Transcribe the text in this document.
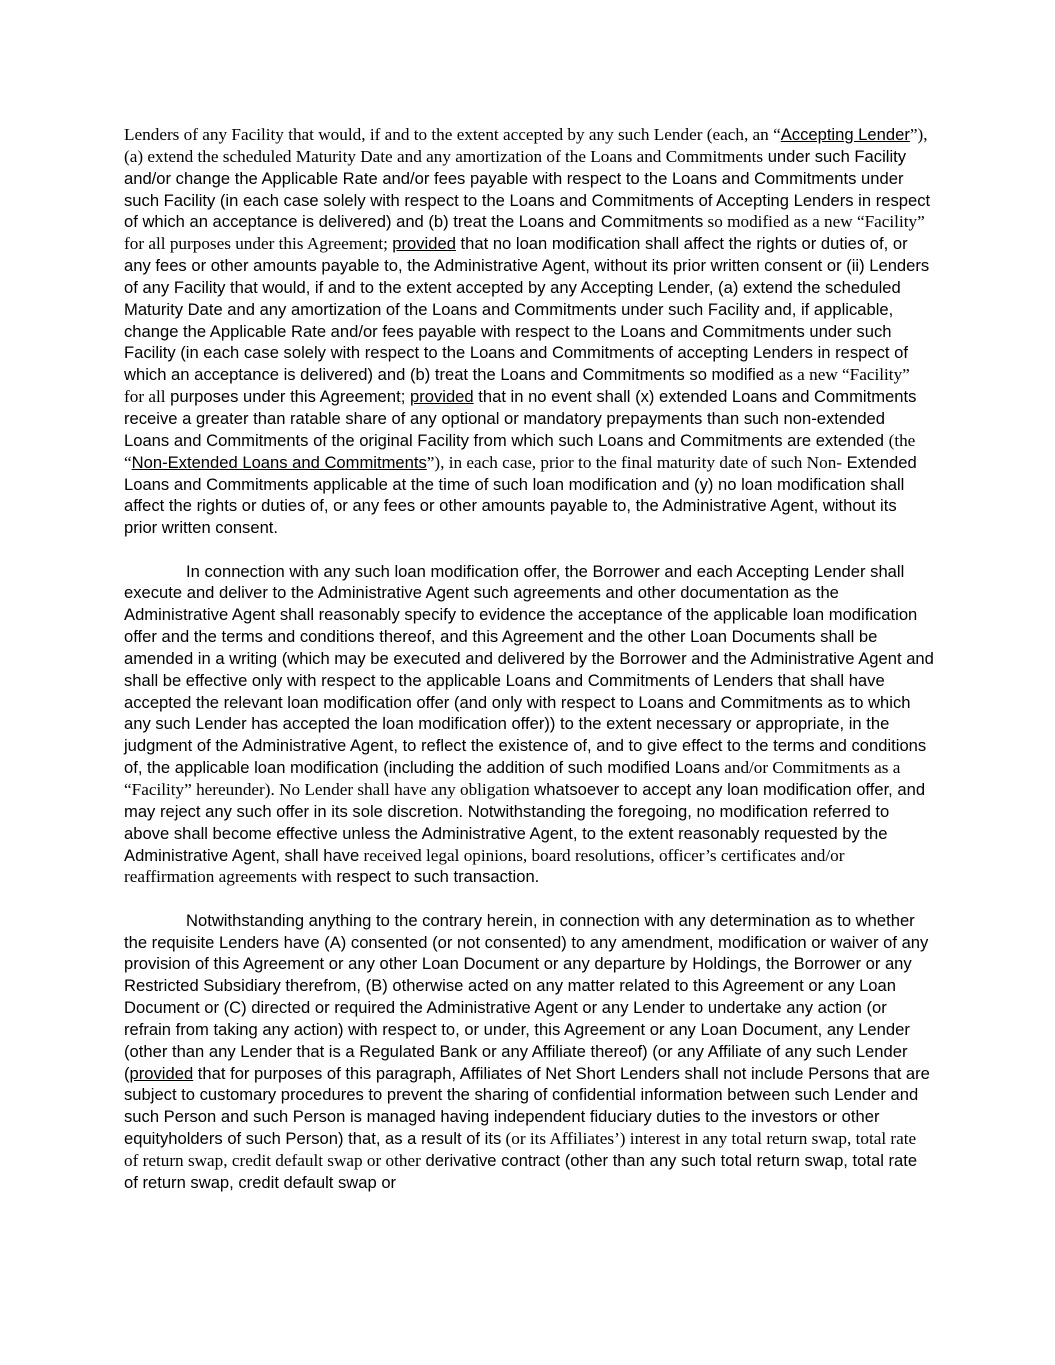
Lenders of any Facility that would, if and to the extent accepted by any such Lender (each, an “Accepting Lender”), (a) extend the scheduled Maturity Date and any amortization of the Loans and Commitments under such Facility and/or change the Applicable Rate and/or fees payable with respect to the Loans and Commitments under such Facility (in each case solely with respect to the Loans and Commitments of Accepting Lenders in respect of which an acceptance is delivered) and (b) treat the Loans and Commitments so modified as a new “Facility” for all purposes under this Agreement; provided that no loan modification shall affect the rights or duties of, or any fees or other amounts payable to, the Administrative Agent, without its prior written consent or (ii) Lenders of any Facility that would, if and to the extent accepted by any Accepting Lender, (a) extend the scheduled Maturity Date and any amortization of the Loans and Commitments under such Facility and, if applicable, change the Applicable Rate and/or fees payable with respect to the Loans and Commitments under such Facility (in each case solely with respect to the Loans and Commitments of accepting Lenders in respect of which an acceptance is delivered) and (b) treat the Loans and Commitments so modified as a new “Facility” for all purposes under this Agreement; provided that in no event shall (x) extended Loans and Commitments receive a greater than ratable share of any optional or mandatory prepayments than such non-extended Loans and Commitments of the original Facility from which such Loans and Commitments are extended (the “Non-Extended Loans and Commitments”), in each case, prior to the final maturity date of such Non- Extended Loans and Commitments applicable at the time of such loan modification and (y) no loan modification shall affect the rights or duties of, or any fees or other amounts payable to, the Administrative Agent, without its prior written consent.

In connection with any such loan modification offer, the Borrower and each Accepting Lender shall execute and deliver to the Administrative Agent such agreements and other documentation as the Administrative Agent shall reasonably specify to evidence the acceptance of the applicable loan modification offer and the terms and conditions thereof, and this Agreement and the other Loan Documents shall be amended in a writing (which may be executed and delivered by the Borrower and the Administrative Agent and shall be effective only with respect to the applicable Loans and Commitments of Lenders that shall have accepted the relevant loan modification offer (and only with respect to Loans and Commitments as to which any such Lender has accepted the loan modification offer)) to the extent necessary or appropriate, in the judgment of the Administrative Agent, to reflect the existence of, and to give effect to the terms and conditions of, the applicable loan modification (including the addition of such modified Loans and/or Commitments as a “Facility” hereunder). No Lender shall have any obligation whatsoever to accept any loan modification offer, and may reject any such offer in its sole discretion. Notwithstanding the foregoing, no modification referred to above shall become effective unless the Administrative Agent, to the extent reasonably requested by the Administrative Agent, shall have received legal opinions, board resolutions, officer’s certificates and/or reaffirmation agreements with respect to such transaction.

Notwithstanding anything to the contrary herein, in connection with any determination as to whether the requisite Lenders have (A) consented (or not consented) to any amendment, modification or waiver of any provision of this Agreement or any other Loan Document or any departure by Holdings, the Borrower or any Restricted Subsidiary therefrom, (B) otherwise acted on any matter related to this Agreement or any Loan Document or (C) directed or required the Administrative Agent or any Lender to undertake any action (or refrain from taking any action) with respect to, or under, this Agreement or any Loan Document, any Lender (other than any Lender that is a Regulated Bank or any Affiliate thereof) (or any Affiliate of any such Lender (provided that for purposes of this paragraph, Affiliates of Net Short Lenders shall not include Persons that are subject to customary procedures to prevent the sharing of confidential information between such Lender and such Person and such Person is managed having independent fiduciary duties to the investors or other equityholders of such Person) that, as a result of its (or its Affiliates’) interest in any total return swap, total rate of return swap, credit default swap or other derivative contract (other than any such total return swap, total rate of return swap, credit default swap or
